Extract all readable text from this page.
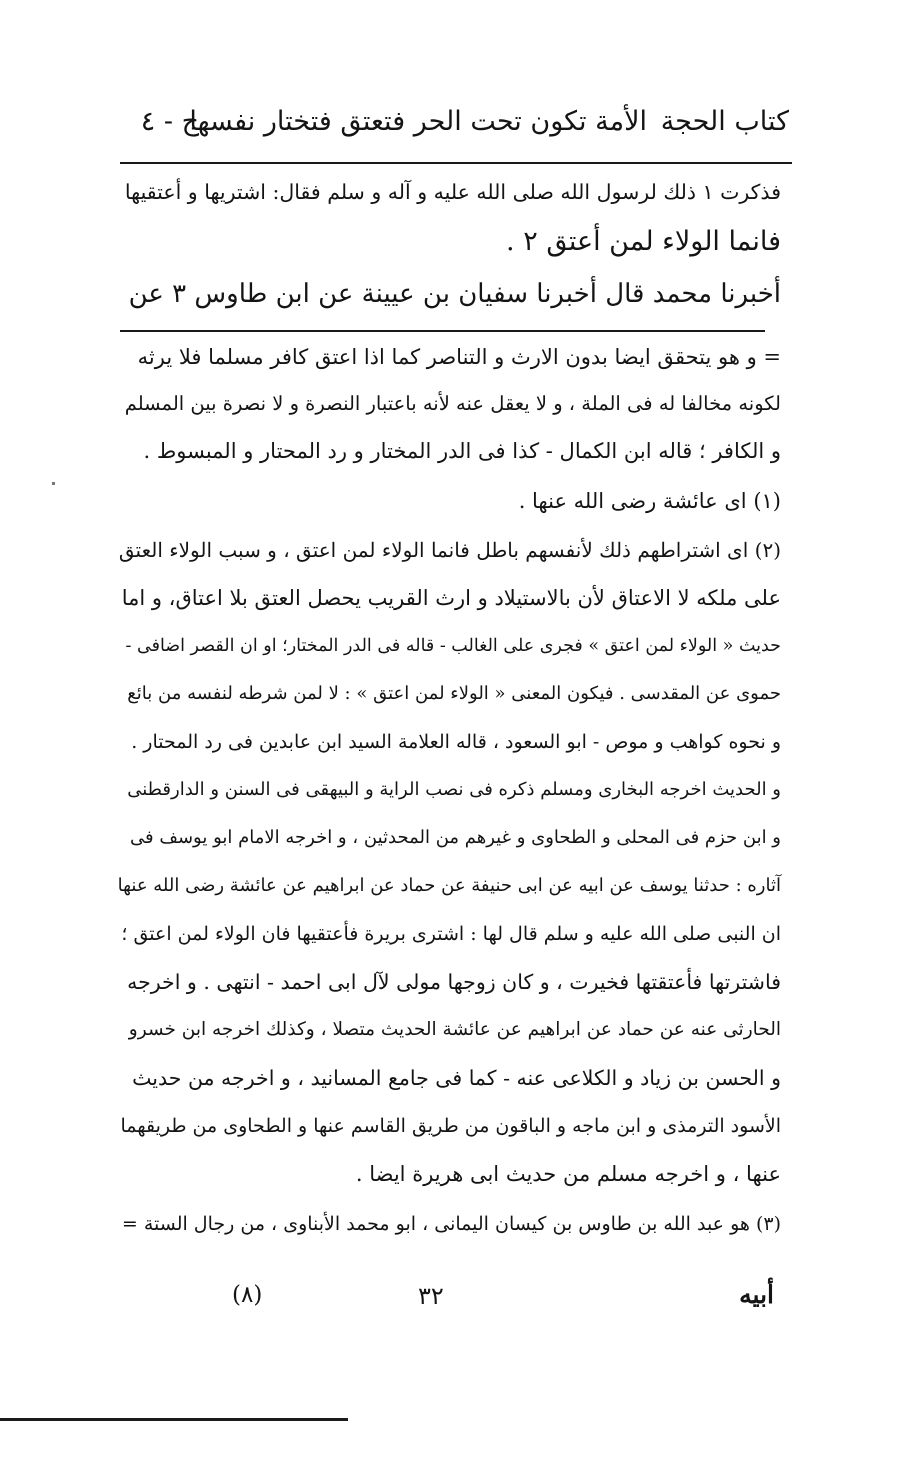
كتاب الحجة
الأمة تكون تحت الحر فتعتق فتختار نفسها
ج - ٤
فذكرت ١ ذلك لرسول الله صلى الله عليه و آله و سلم فقال: اشتريها و أعتقيها
فانما الولاء لمن أعتق ٢ .
أخبرنا محمد قال أخبرنا سفيان بن عيينة عن ابن طاوس ٣ عن
= و هو يتحقق ايضا بدون الارث و التناصر كما اذا اعتق كافر مسلما فلا يرثه
لكونه مخالفا له فى الملة ، و لا يعقل عنه لأنه باعتبار النصرة و لا نصرة بين المسلم
و الكافر ؛ قاله ابن الكمال - كذا فى الدر المختار و رد المحتار و المبسوط .
(١) اى عائشة رضى الله عنها .
(٢) اى اشتراطهم ذلك لأنفسهم باطل فانما الولاء لمن اعتق ، و سبب الولاء العتق
على ملكه لا الاعتاق لأن بالاستيلاد و ارث القريب يحصل العتق بلا اعتاق، و اما
حديث « الولاء لمن اعتق » فجرى على الغالب - قاله فى الدر المختار؛ او ان القصر اضافى -
حموى عن المقدسى . فيكون المعنى « الولاء لمن اعتق » : لا لمن شرطه لنفسه من بائع
و نحوه كواهب و موص - ابو السعود ، قاله العلامة السيد ابن عابدين فى رد المحتار .
و الحديث اخرجه البخارى ومسلم ذكره فى نصب الراية و البيهقى فى السنن و الدارقطنى
و ابن حزم فى المحلى و الطحاوى و غيرهم من المحدثين ، و اخرجه الامام ابو يوسف فى
آثاره : حدثنا يوسف عن ابيه عن ابى حنيفة عن حماد عن ابراهيم عن عائشة رضى الله عنها
ان النبى صلى الله عليه و سلم قال لها : اشترى بريرة فأعتقيها فان الولاء لمن اعتق ؛
فاشترتها فأعتقتها فخيرت ، و كان زوجها مولى لآل ابى احمد - انتهى . و اخرجه
الحارثى عنه عن حماد عن ابراهيم عن عائشة الحديث متصلا ، وكذلك اخرجه ابن خسرو
و الحسن بن زياد و الكلاعى عنه - كما فى جامع المسانيد ، و اخرجه من حديث
الأسود الترمذى و ابن ماجه و الباقون من طريق القاسم عنها و الطحاوى من طريقهما
عنها ، و اخرجه مسلم من حديث ابى هريرة ايضا .
(٣) هو عبد الله بن طاوس بن كيسان اليمانى ، ابو محمد الأبناوى ، من رجال الستة =
أبيه
(٨)	٣٢
